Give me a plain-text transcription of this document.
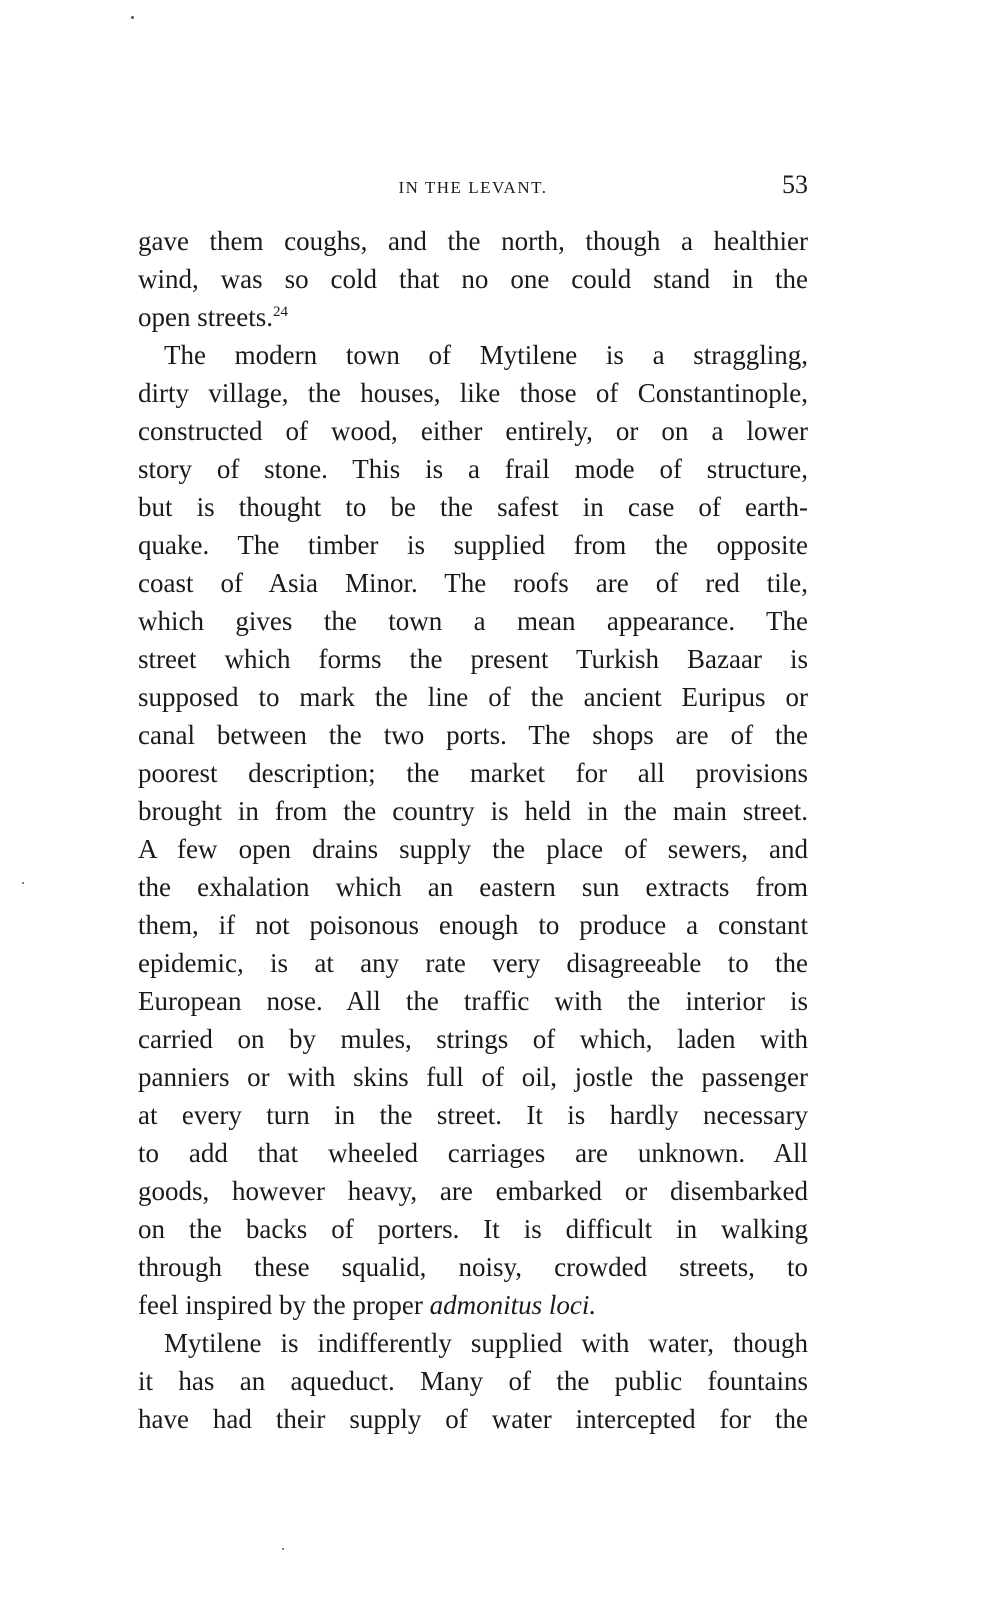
IN THE LEVANT.	53
gave them coughs, and the north, though a healthier
wind, was so cold that no one could stand in the
open streets.$^{24}$
The modern town of Mytilene is a straggling,
dirty village, the houses, like those of Constantinople,
constructed of wood, either entirely, or on a lower
story of stone. This is a frail mode of structure,
but is thought to be the safest in case of earth-
quake. The timber is supplied from the opposite
coast of Asia Minor. The roofs are of red tile,
which gives the town a mean appearance. The
street which forms the present Turkish Bazaar is
supposed to mark the line of the ancient Euripus or
canal between the two ports. The shops are of the
poorest description; the market for all provisions
brought in from the country is held in the main street.
A few open drains supply the place of sewers, and
the exhalation which an eastern sun extracts from
them, if not poisonous enough to produce a constant
epidemic, is at any rate very disagreeable to the
European nose. All the traffic with the interior is
carried on by mules, strings of which, laden with
panniers or with skins full of oil, jostle the passenger
at every turn in the street. It is hardly necessary
to add that wheeled carriages are unknown. All
goods, however heavy, are embarked or disembarked
on the backs of porters. It is difficult in walking
through these squalid, noisy, crowded streets, to
feel inspired by the proper admonitus loci.
Mytilene is indifferently supplied with water, though
it has an aqueduct. Many of the public fountains
have had their supply of water intercepted for the
